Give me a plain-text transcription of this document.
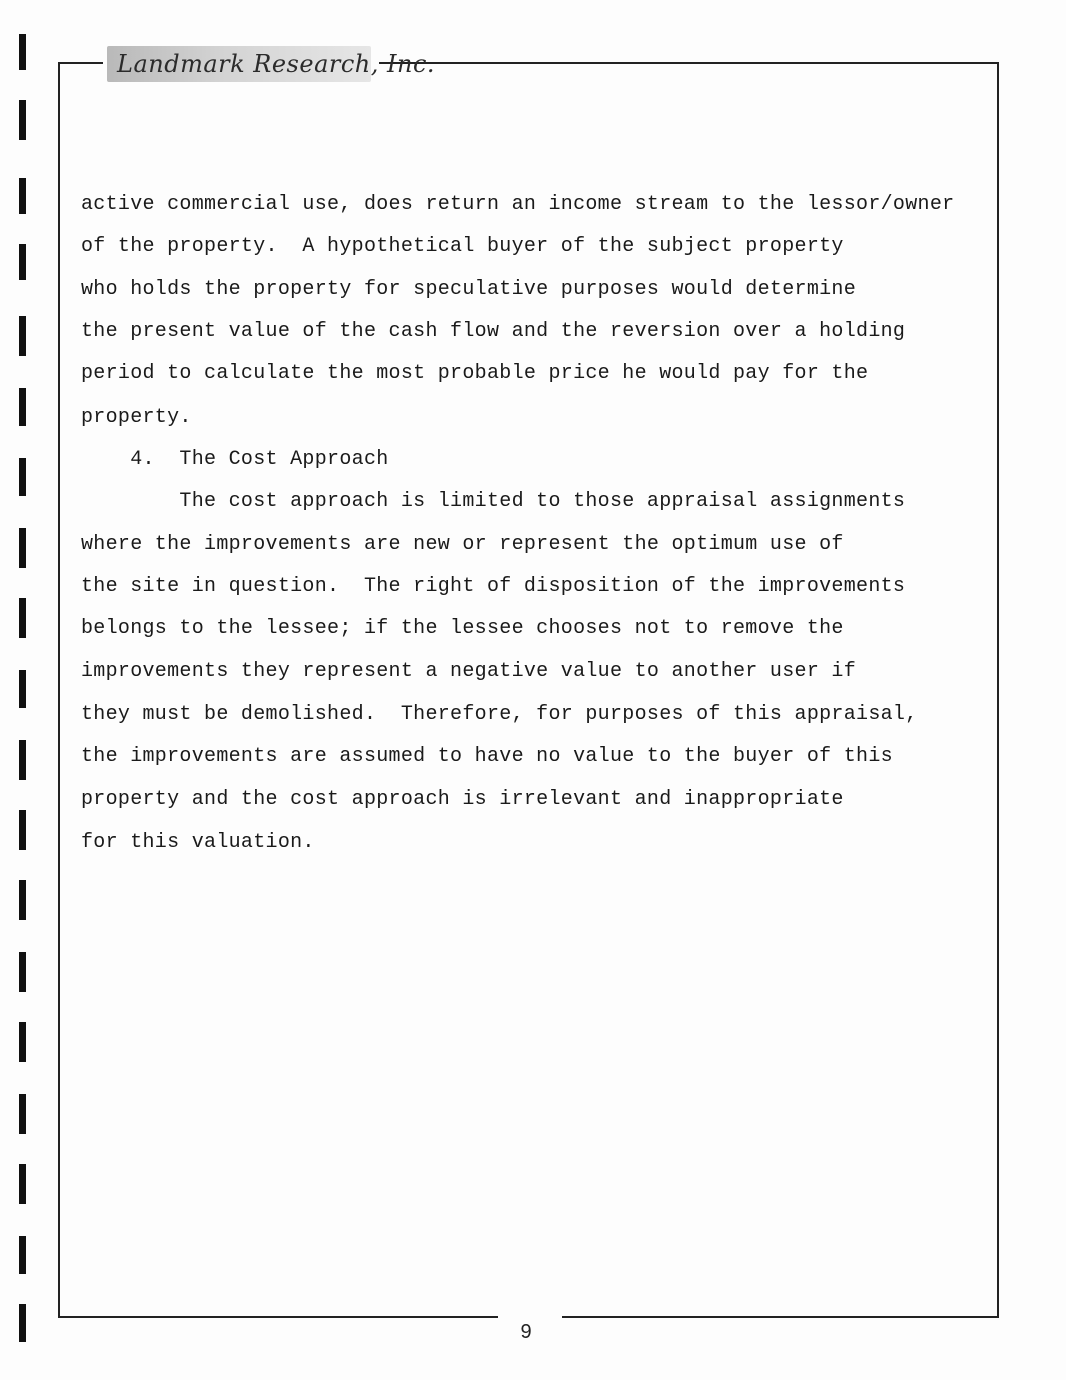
Landmark Research, Inc.
active commercial use, does return an income stream to the lessor/owner
of the property.  A hypothetical buyer of the subject property
who holds the property for speculative purposes would determine
the present value of the cash flow and the reversion over a holding
period to calculate the most probable price he would pay for the
property.
4.  The Cost Approach
The cost approach is limited to those appraisal assignments
where the improvements are new or represent the optimum use of
the site in question.  The right of disposition of the improvements
belongs to the lessee; if the lessee chooses not to remove the
improvements they represent a negative value to another user if
they must be demolished.  Therefore, for purposes of this appraisal,
the improvements are assumed to have no value to the buyer of this
property and the cost approach is irrelevant and inappropriate
for this valuation.
9
